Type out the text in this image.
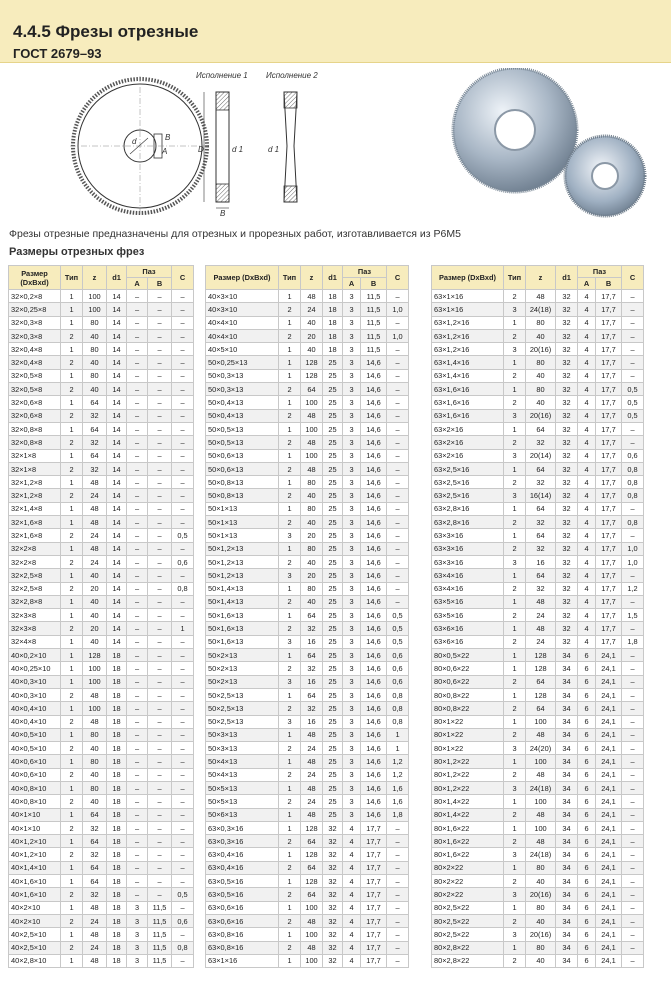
4.4.5 Фрезы отрезные
ГОСТ 2679–93
d
A
B
Исполнение 1
D
B
d 1
Исполнение 2
d 1
Фрезы отрезные предназначены для отрезных и прорезных работ, изготавливается из Р6М5
Размеры отрезных фрез
Размер (DxBxd)	Тип	z	d1	Паз		C
				A	B	
32×0,2×8	1	100	14	–	–	–
32×0,25×8	1	100	14	–	–	–
32×0,3×8	1	80	14	–	–	–
32×0,3×8	2	40	14	–	–	–
32×0,4×8	1	80	14	–	–	–
32×0,4×8	2	40	14	–	–	–
32×0,5×8	1	80	14	–	–	–
32×0,5×8	2	40	14	–	–	–
32×0,6×8	1	64	14	–	–	–
32×0,6×8	2	32	14	–	–	–
32×0,8×8	1	64	14	–	–	–
32×0,8×8	2	32	14	–	–	–
32×1×8	1	64	14	–	–	–
32×1×8	2	32	14	–	–	–
32×1,2×8	1	48	14	–	–	–
32×1,2×8	2	24	14	–	–	–
32×1,4×8	1	48	14	–	–	–
32×1,6×8	1	48	14	–	–	–
32×1,6×8	2	24	14	–	–	0,5
32×2×8	1	48	14	–	–	–
32×2×8	2	24	14	–	–	0,6
32×2,5×8	1	40	14	–	–	–
32×2,5×8	2	20	14	–	–	0,8
32×2,8×8	1	40	14	–	–	–
32×3×8	1	40	14	–	–	–
32×3×8	2	20	14	–	–	1
32×4×8	1	40	14	–	–	–
40×0,2×10	1	128	18	–	–	–
40×0,25×10	1	100	18	–	–	–
40×0,3×10	1	100	18	–	–	–
40×0,3×10	2	48	18	–	–	–
40×0,4×10	1	100	18	–	–	–
40×0,4×10	2	48	18	–	–	–
40×0,5×10	1	80	18	–	–	–
40×0,5×10	2	40	18	–	–	–
40×0,6×10	1	80	18	–	–	–
40×0,6×10	2	40	18	–	–	–
40×0,8×10	1	80	18	–	–	–
40×0,8×10	2	40	18	–	–	–
40×1×10	1	64	18	–	–	–
40×1×10	2	32	18	–	–	–
40×1,2×10	1	64	18	–	–	–
40×1,2×10	2	32	18	–	–	–
40×1,4×10	1	64	18	–	–	–
40×1,6×10	1	64	18	–	–	–
40×1,6×10	2	32	18	–	–	0,5
40×2×10	1	48	18	3	11,5	–
40×2×10	2	24	18	3	11,5	0,6
40×2,5×10	1	48	18	3	11,5	–
40×2,5×10	2	24	18	3	11,5	0,8
40×2,8×10	1	48	18	3	11,5	–
Размер (DxBxd)	Тип	z	d1	Паз		C
				A	B	
40×3×10	1	48	18	3	11,5	–
40×3×10	2	24	18	3	11,5	1,0
40×4×10	1	40	18	3	11,5	–
40×4×10	2	20	18	3	11,5	1,0
40×5×10	1	40	18	3	11,5	–
50×0,25×13	1	128	25	3	14,6	–
50×0,3×13	1	128	25	3	14,6	–
50×0,3×13	2	64	25	3	14,6	–
50×0,4×13	1	100	25	3	14,6	–
50×0,4×13	2	48	25	3	14,6	–
50×0,5×13	1	100	25	3	14,6	–
50×0,5×13	2	48	25	3	14,6	–
50×0,6×13	1	100	25	3	14,6	–
50×0,6×13	2	48	25	3	14,6	–
50×0,8×13	1	80	25	3	14,6	–
50×0,8×13	2	40	25	3	14,6	–
50×1×13	1	80	25	3	14,6	–
50×1×13	2	40	25	3	14,6	–
50×1×13	3	20	25	3	14,6	–
50×1,2×13	1	80	25	3	14,6	–
50×1,2×13	2	40	25	3	14,6	–
50×1,2×13	3	20	25	3	14,6	–
50×1,4×13	1	80	25	3	14,6	–
50×1,4×13	2	40	25	3	14,6	–
50×1,6×13	1	64	25	3	14,6	0,5
50×1,6×13	2	32	25	3	14,6	0,5
50×1,6×13	3	16	25	3	14,6	0,5
50×2×13	1	64	25	3	14,6	0,6
50×2×13	2	32	25	3	14,6	0,6
50×2×13	3	16	25	3	14,6	0,6
50×2,5×13	1	64	25	3	14,6	0,8
50×2,5×13	2	32	25	3	14,6	0,8
50×2,5×13	3	16	25	3	14,6	0,8
50×3×13	1	48	25	3	14,6	1
50×3×13	2	24	25	3	14,6	1
50×4×13	1	48	25	3	14,6	1,2
50×4×13	2	24	25	3	14,6	1,2
50×5×13	1	48	25	3	14,6	1,6
50×5×13	2	24	25	3	14,6	1,6
50×6×13	1	48	25	3	14,6	1,8
63×0,3×16	1	128	32	4	17,7	–
63×0,3×16	2	64	32	4	17,7	–
63×0,4×16	1	128	32	4	17,7	–
63×0,4×16	2	64	32	4	17,7	–
63×0,5×16	1	128	32	4	17,7	–
63×0,5×16	2	64	32	4	17,7	–
63×0,6×16	1	100	32	4	17,7	–
63×0,6×16	2	48	32	4	17,7	–
63×0,8×16	1	100	32	4	17,7	–
63×0,8×16	2	48	32	4	17,7	–
63×1×16	1	100	32	4	17,7	–
Размер (DxBxd)	Тип	z	d1	Паз		C
				A	B	
63×1×16	2	48	32	4	17,7	–
63×1×16	3	24(18)	32	4	17,7	–
63×1,2×16	1	80	32	4	17,7	–
63×1,2×16	2	40	32	4	17,7	–
63×1,2×16	3	20(16)	32	4	17,7	–
63×1,4×16	1	80	32	4	17,7	–
63×1,4×16	2	40	32	4	17,7	–
63×1,6×16	1	80	32	4	17,7	0,5
63×1,6×16	2	40	32	4	17,7	0,5
63×1,6×16	3	20(16)	32	4	17,7	0,5
63×2×16	1	64	32	4	17,7	–
63×2×16	2	32	32	4	17,7	–
63×2×16	3	20(14)	32	4	17,7	0,6
63×2,5×16	1	64	32	4	17,7	0,8
63×2,5×16	2	32	32	4	17,7	0,8
63×2,5×16	3	16(14)	32	4	17,7	0,8
63×2,8×16	1	64	32	4	17,7	–
63×2,8×16	2	32	32	4	17,7	0,8
63×3×16	1	64	32	4	17,7	–
63×3×16	2	32	32	4	17,7	1,0
63×3×16	3	16	32	4	17,7	1,0
63×4×16	1	64	32	4	17,7	–
63×4×16	2	32	32	4	17,7	1,2
63×5×16	1	48	32	4	17,7	–
63×5×16	2	24	32	4	17,7	1,5
63×6×16	1	48	32	4	17,7	–
63×6×16	2	24	32	4	17,7	1,8
80×0,5×22	1	128	34	6	24,1	–
80×0,6×22	1	128	34	6	24,1	–
80×0,6×22	2	64	34	6	24,1	–
80×0,8×22	1	128	34	6	24,1	–
80×0,8×22	2	64	34	6	24,1	–
80×1×22	1	100	34	6	24,1	–
80×1×22	2	48	34	6	24,1	–
80×1×22	3	24(20)	34	6	24,1	–
80×1,2×22	1	100	34	6	24,1	–
80×1,2×22	2	48	34	6	24,1	–
80×1,2×22	3	24(18)	34	6	24,1	–
80×1,4×22	1	100	34	6	24,1	–
80×1,4×22	2	48	34	6	24,1	–
80×1,6×22	1	100	34	6	24,1	–
80×1,6×22	2	48	34	6	24,1	–
80×1,6×22	3	24(18)	34	6	24,1	–
80×2×22	1	80	34	6	24,1	–
80×2×22	2	40	34	6	24,1	–
80×2×22	3	20(16)	34	6	24,1	–
80×2,5×22	1	80	34	6	24,1	–
80×2,5×22	2	40	34	6	24,1	–
80×2,5×22	3	20(16)	34	6	24,1	–
80×2,8×22	1	80	34	6	24,1	–
80×2,8×22	2	40	34	6	24,1	–
